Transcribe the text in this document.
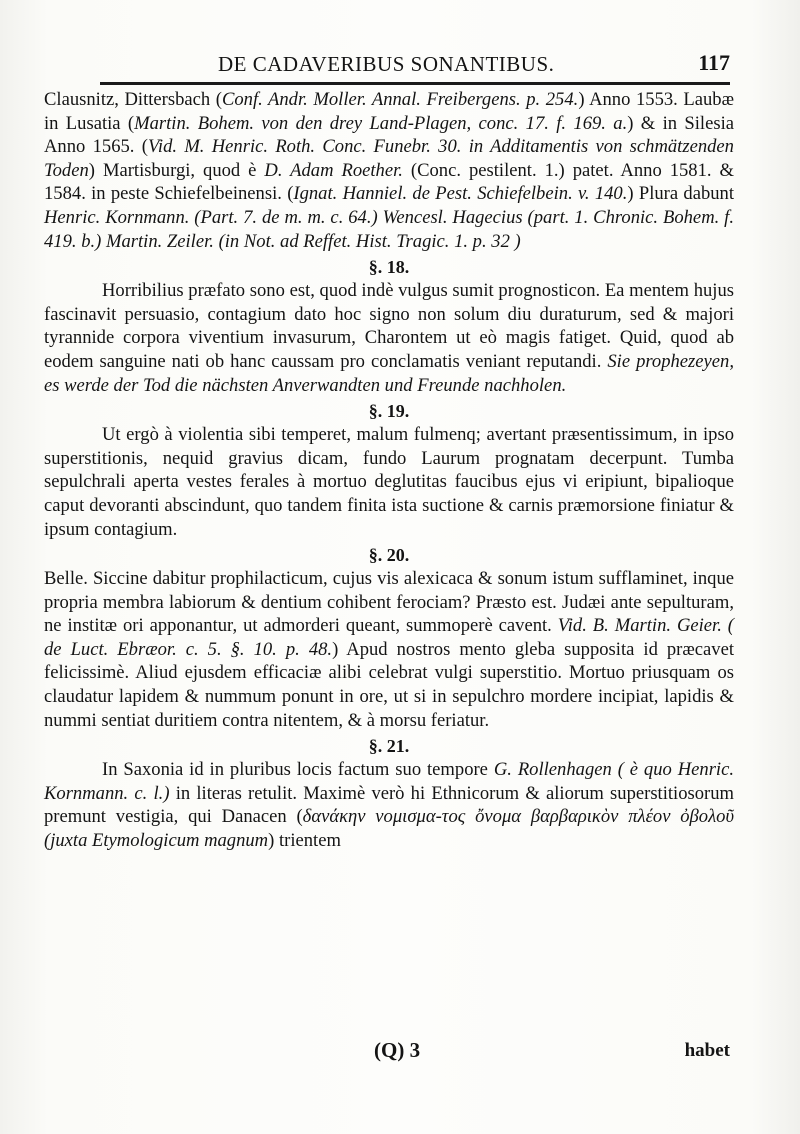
DE CADAVERIBUS SONANTIBUS.	117

Clausnitz, Dittersbach (Conf. Andr. Moller. Annal. Freibergens. p. 254.) Anno 1553. Laubæ in Lusatia (Martin. Bohem. von den drey Land-Plagen, conc. 17. f. 169. a.) & in Silesia Anno 1565. (Vid. M. Henric. Roth. Conc. Funebr. 30. in Additamentis von schmätzenden Toden) Martisburgi, quod è D. Adam Roether. (Conc. pestilent. 1.) patet. Anno 1581. & 1584. in peste Schiefelbeinensi. (Ignat. Hanniel. de Pest. Schiefelbein. v. 140.) Plura dabunt Henric. Kornmann. (Part. 7. de m. m. c. 64.) Wencesl. Hagecius (part. 1. Chronic. Bohem. f. 419. b.) Martin. Zeiler. (in Not. ad Reffet. Hist. Tragic. 1. p. 32 )

§. 18.

Horribilius præfato sono est, quod indè vulgus sumit prognosticon. Ea mentem hujus fascinavit persuasio, contagium dato hoc signo non solum diu duraturum, sed & majori tyrannide corpora viventium invasurum, Charontem ut eò magis fatiget. Quid, quod ab eodem sanguine nati ob hanc caussam pro conclamatis veniant reputandi. Sie prophezeyen, es werde der Tod die nächsten Anverwandten und Freunde nachholen.

§. 19.

Ut ergò à violentia sibi temperet, malum fulmenq; avertant præsentissimum, in ipso superstitionis, nequid gravius dicam, fundo Laurum prognatam decerpunt. Tumba sepulchrali aperta vestes ferales à mortuo deglutitas faucibus ejus vi eripiunt, bipalioque caput devoranti abscindunt, quo tandem finita ista suctione & carnis præmorsione finiatur & ipsum contagium.

§. 20.

Belle. Siccine dabitur prophilacticum, cujus vis alexicaca & sonum istum sufflaminet, inque propria membra labiorum & dentium cohibent ferociam? Præsto est. Judæi ante sepulturam, ne institæ ori apponantur, ut admorderi queant, summoperè cavent. Vid. B. Martin. Geier. ( de Luct. Ebræor. c. 5. §. 10. p. 48.) Apud nostros mento gleba supposita id præcavet felicissimè. Aliud ejusdem efficaciæ alibi celebrat vulgi superstitio. Mortuo priusquam os claudatur lapidem & nummum ponunt in ore, ut si in sepulchro mordere incipiat, lapidis & nummi sentiat duritiem contra nitentem, & à morsu feriatur.

§. 21.

In Saxonia id in pluribus locis factum suo tempore G. Rollenhagen ( è quo Henric. Kornmann. c. l.) in literas retulit. Maximè verò hi Ethnicorum & aliorum superstitiosorum premunt vestigia, qui Danacen (δανάκην νομισμα-τος ὄνομα βαρβαρικὸν πλέον ὀβολοῦ (juxta Etymologicum magnum) trientem

(Q) 3	habet
